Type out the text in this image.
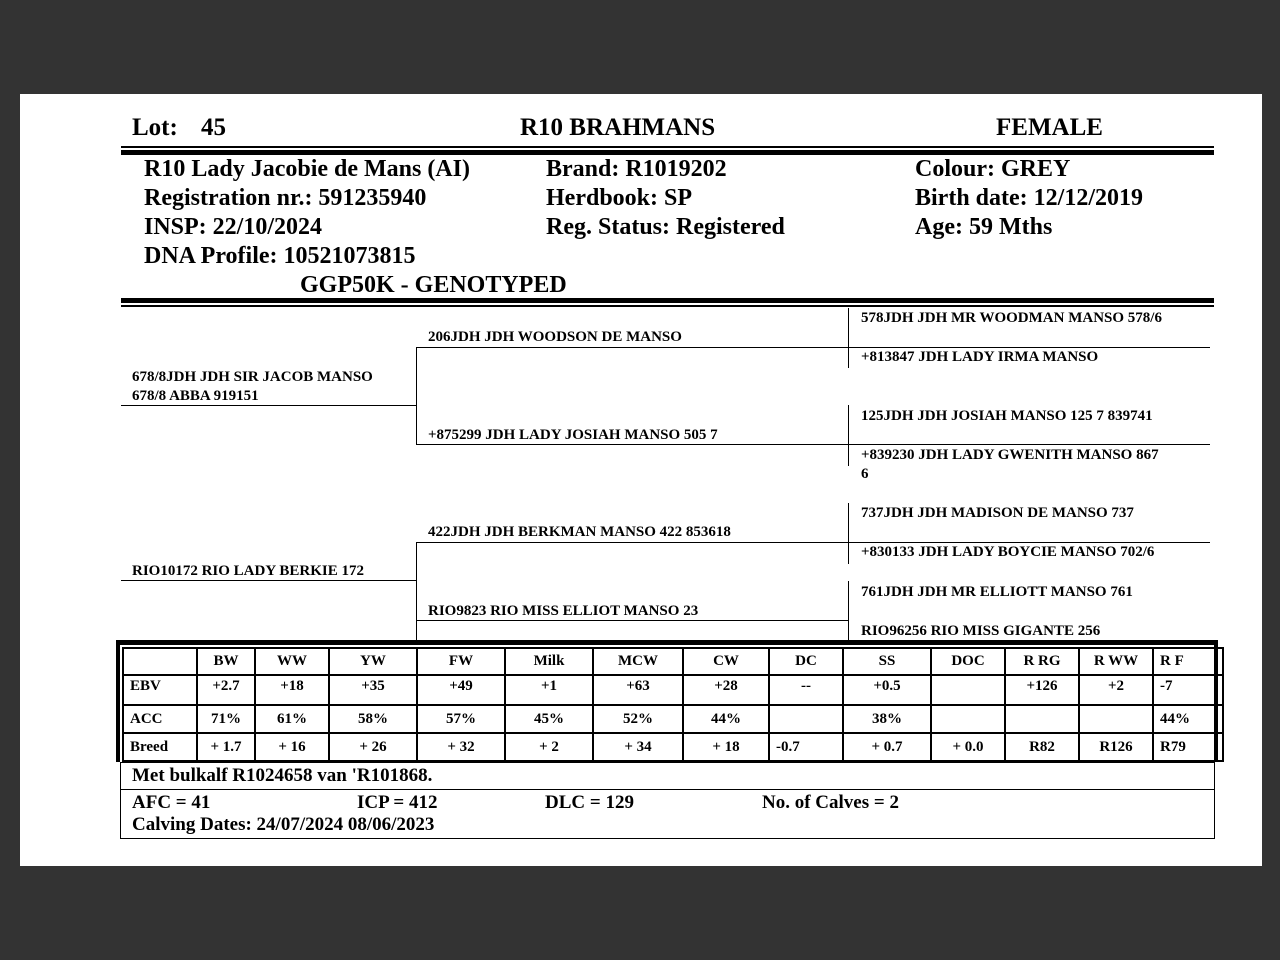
Lot: 45	R10 BRAHMANS	FEMALE
R10 Lady Jacobie de Mans (AI)
Registration nr.: 591235940
INSP: 22/10/2024
DNA Profile: 10521073815
GGP50K - GENOTYPED
Brand: R1019202
Herdbook: SP
Reg. Status: Registered
Colour: GREY
Birth date: 12/12/2019
Age: 59 Mths
678/8JDH JDH SIR JACOB MANSO
678/8 ABBA 919151
RIO10172 RIO LADY BERKIE 172
206JDH JDH WOODSON DE MANSO
+875299 JDH LADY JOSIAH MANSO 505 7
422JDH JDH BERKMAN MANSO 422 853618
RIO9823 RIO MISS ELLIOT MANSO 23
578JDH JDH MR WOODMAN MANSO 578/6
+813847 JDH LADY IRMA MANSO
125JDH JDH JOSIAH MANSO 125 7 839741
+839230 JDH LADY GWENITH MANSO 867
6
737JDH JDH MADISON DE MANSO 737
+830133 JDH LADY BOYCIE MANSO 702/6
761JDH JDH MR ELLIOTT MANSO 761
RIO96256 RIO MISS GIGANTE 256
	BW	WW	YW	FW	Milk	MCW	CW	DC	SS	DOC	R RG	R WW	R F
EBV	+2.7	+18	+35	+49	+1	+63	+28	--	+0.5		+126	+2	-7
ACC	71%	61%	58%	57%	45%	52%	44%		38%				44%
Breed	+ 1.7	+ 16	+ 26	+ 32	+ 2	+ 34	+ 18	-0.7	+ 0.7	+ 0.0	R82	R126	R79
Met bulkalf R1024658 van 'R101868.
AFC = 41	ICP = 412	DLC = 129	No. of Calves = 2
Calving Dates: 24/07/2024 08/06/2023
